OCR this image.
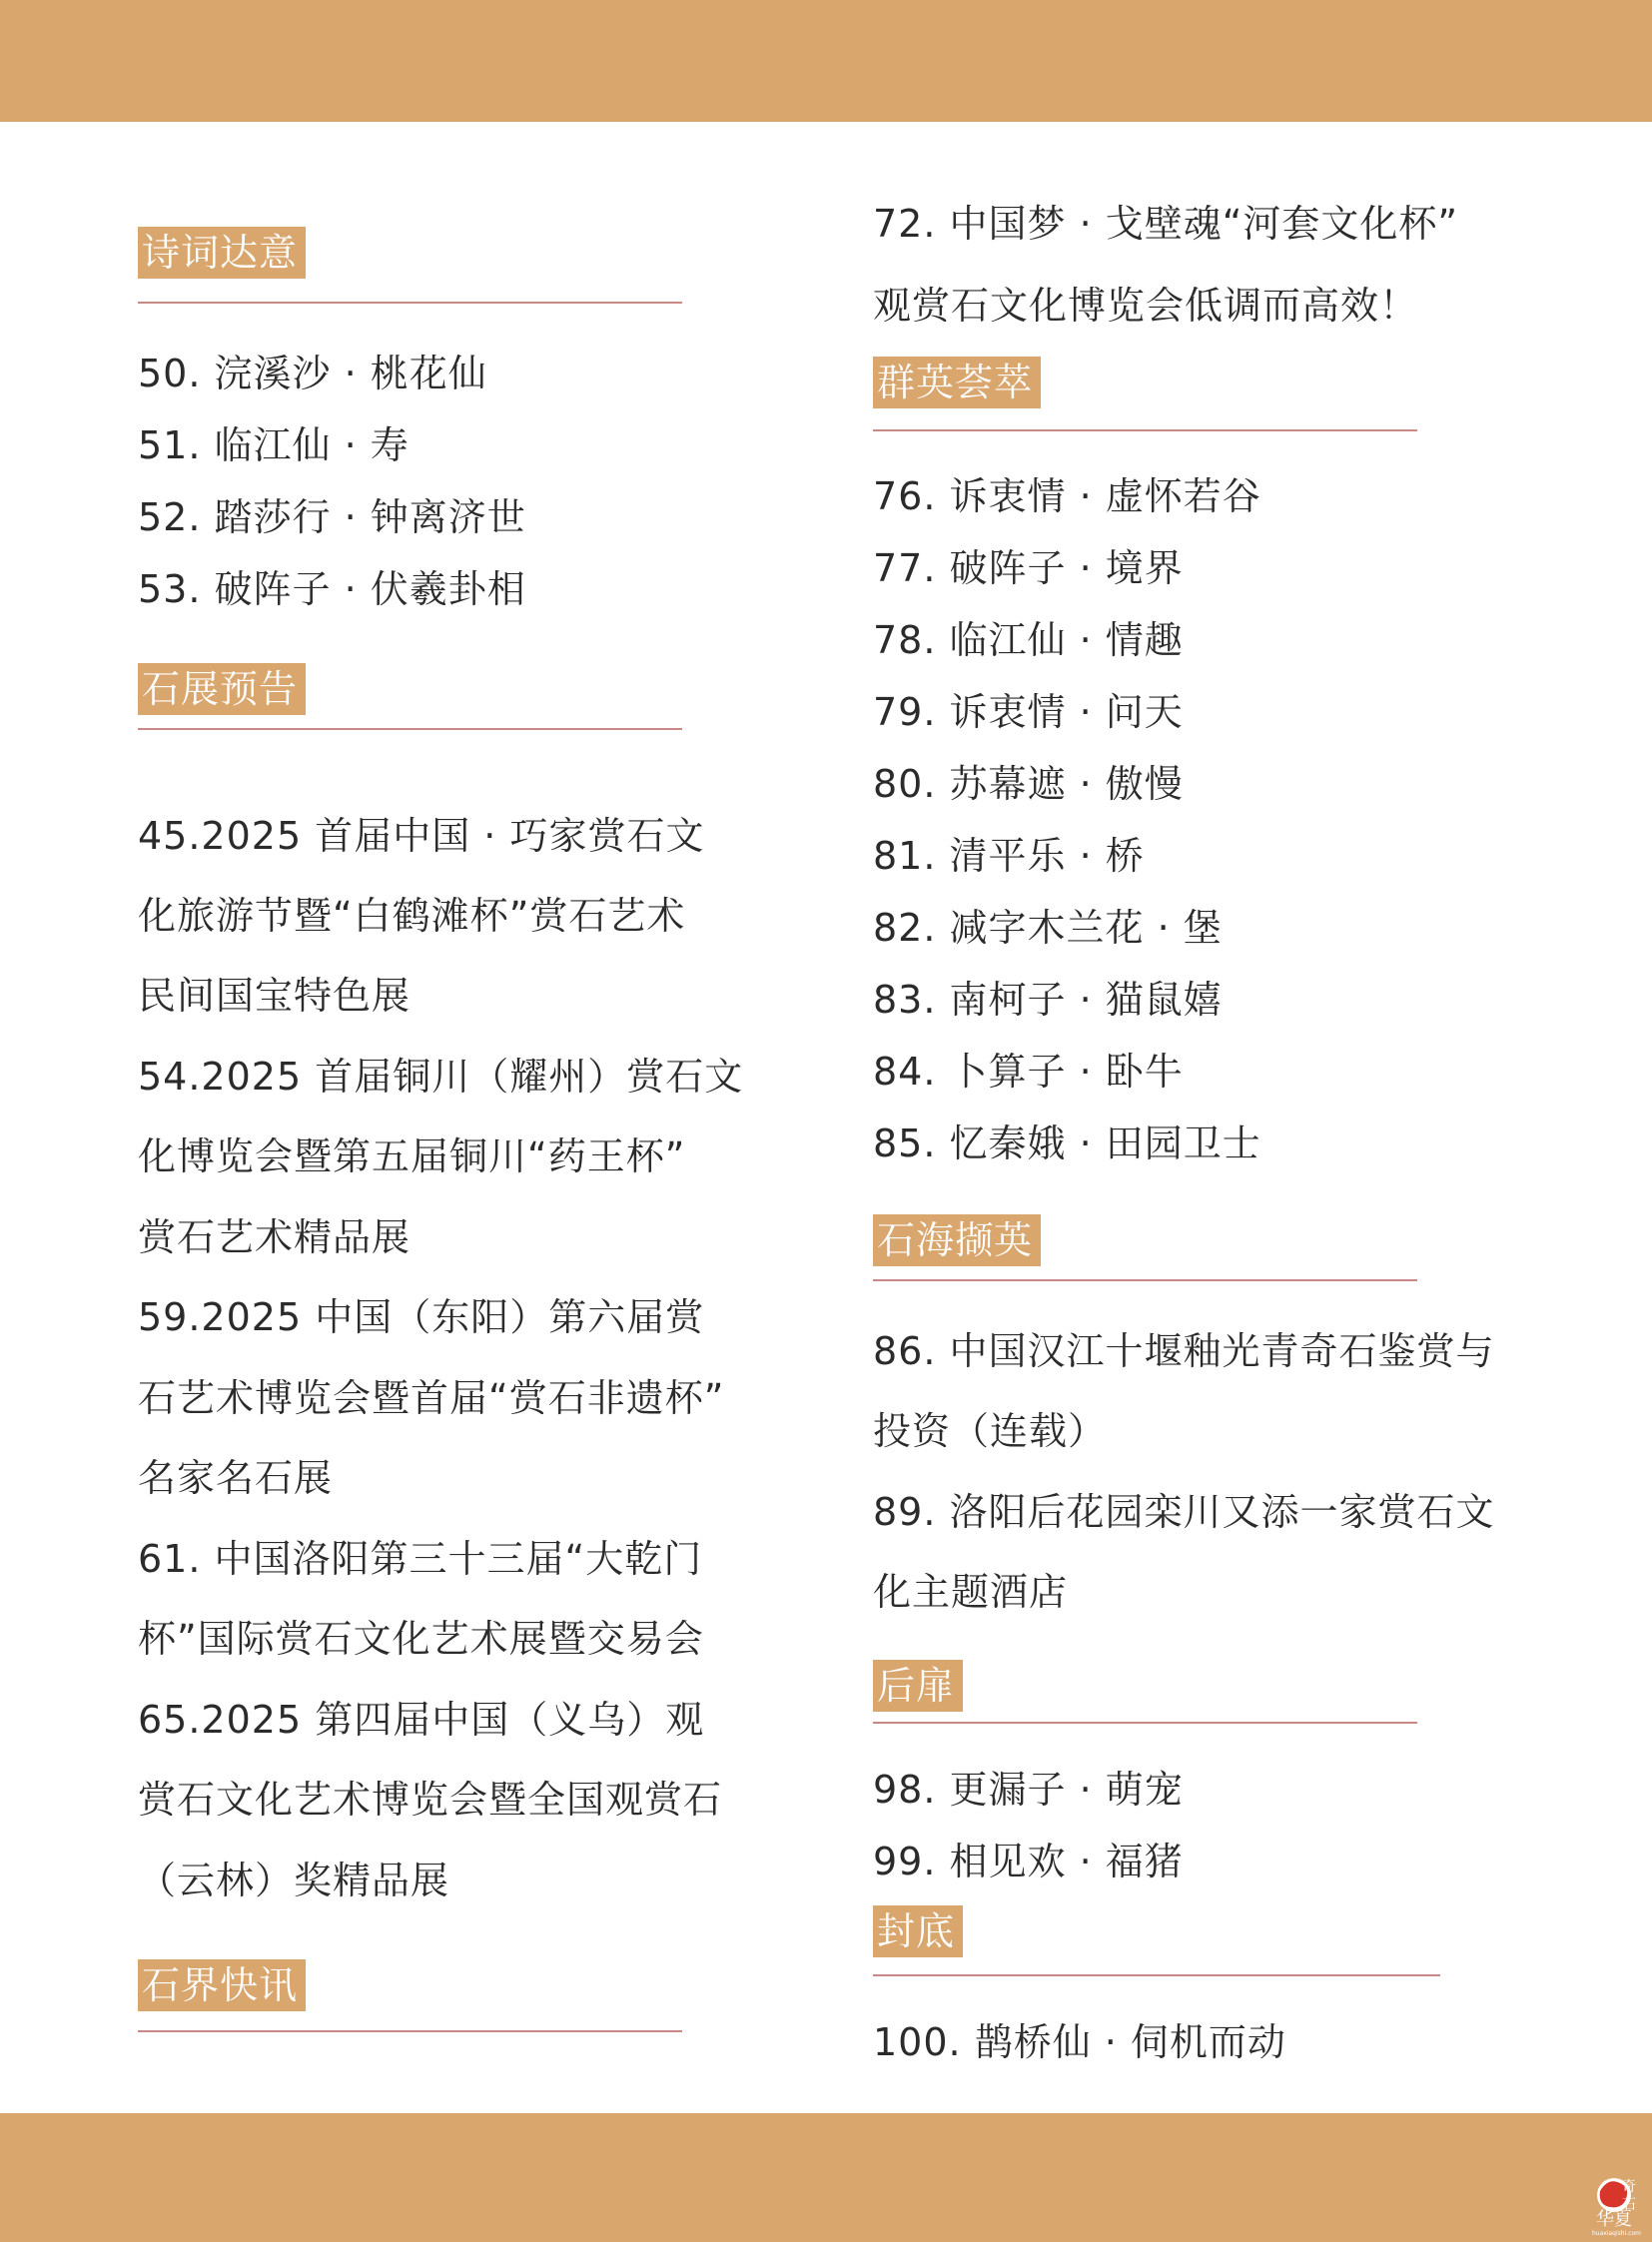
诗词达意
50. 浣溪沙 · 桃花仙
51. 临江仙 · 寿
52. 踏莎行 · 钟离济世
53. 破阵子 · 伏羲卦相
石展预告
45.2025 首届中国 · 巧家赏石文
化旅游节暨“白鹤滩杯”赏石艺术
民间国宝特色展
54.2025 首届铜川（耀州）赏石文
化博览会暨第五届铜川“药王杯”
赏石艺术精品展
59.2025 中国（东阳）第六届赏
石艺术博览会暨首届“赏石非遗杯”
名家名石展
61. 中国洛阳第三十三届“大乾门
杯”国际赏石文化艺术展暨交易会
65.2025 第四届中国（义乌）观
赏石文化艺术博览会暨全国观赏石
（云林）奖精品展
石界快讯
72. 中国梦 · 戈壁魂“河套文化杯”
观赏石文化博览会低调而高效！
群英荟萃
76. 诉衷情 · 虚怀若谷
77. 破阵子 · 境界
78. 临江仙 · 情趣
79. 诉衷情 · 问天
80. 苏幕遮 · 傲慢
81. 清平乐 · 桥
82. 减字木兰花 · 堡
83. 南柯子 · 猫鼠嬉
84. 卜算子 · 卧牛
85. 忆秦娥 · 田园卫士
石海撷英
86. 中国汉江十堰釉光青奇石鉴赏与
投资（连载）
89. 洛阳后花园栾川又添一家赏石文
化主题酒店
后扉
98. 更漏子 · 萌宠
99. 相见欢 · 福猪
封底
100. 鹊桥仙 · 伺机而动
华夏
奇
石
huaxiaqishi.com
